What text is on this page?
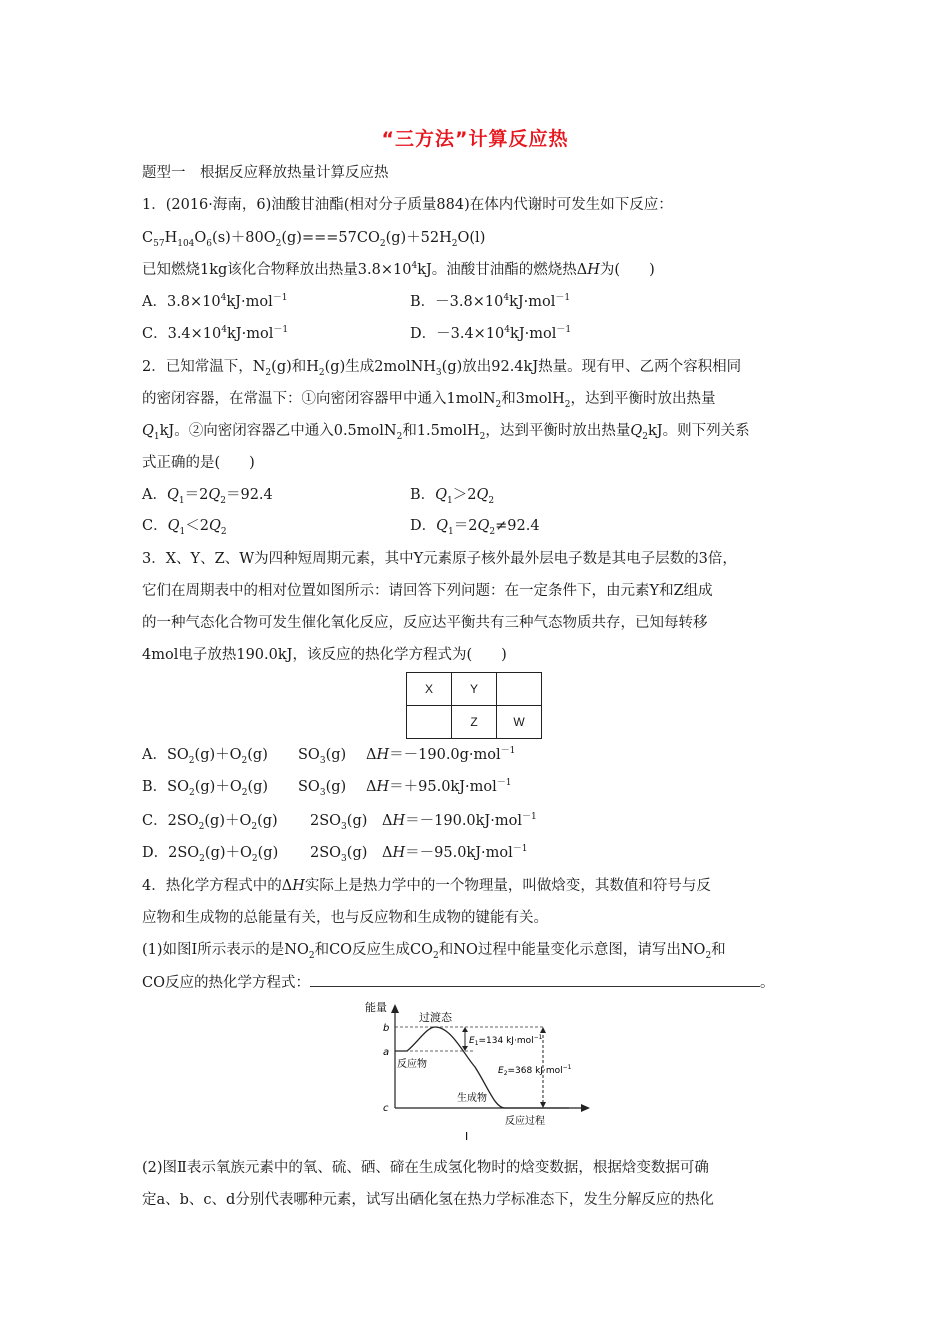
“三方法”计算反应热
题型一　根据反应释放热量计算反应热
1．(2016·海南，6)油酸甘油酯(相对分子质量884)在体内代谢时可发生如下反应：
$C_{57}H_{104}O_6(s)+80O_2(g)===57CO_2(g)+52H_2O(l)$
已知燃烧1kg该化合物释放出热量$3.8\times 10^4kJ$。油酸甘油酯的燃烧热ΔH为(　　)
A．$3.8\times 10^4kJ\cdot mol^{-1}$	B．$-3.8\times 10^4kJ\cdot mol^{-1}$
C．$3.4\times 10^4kJ\cdot mol^{-1}$	D．$-3.4\times 10^4kJ\cdot mol^{-1}$
2．已知常温下，$N_2(g)$和$H_2(g)$生成2molNH$_3$(g)放出92.4kJ热量。现有甲、乙两个容积相同
的密闭容器，在常温下：①向密闭容器甲中通入1molN$_2$和3molH$_2$，达到平衡时放出热量
$Q_1kJ$。②向密闭容器乙中通入0.5molN$_2$和1.5molH$_2$，达到平衡时放出热量$Q_2kJ$。则下列关系
式正确的是(　　)
A．$Q_1=2Q_2=92.4$	B．$Q_1>2Q_2$
C．$Q_1<2Q_2$	D．$Q_1=2Q_2\ne 92.4$
3．X、Y、Z、W为四种短周期元素，其中Y元素原子核外最外层电子数是其电子层数的3倍，
它们在周期表中的相对位置如图所示：请回答下列问题：在一定条件下，由元素Y和Z组成
的一种气态化合物可发生催化氧化反应，反应达平衡共有三种气态物质共存，已知每转移
4mol电子放热190.0kJ，该反应的热化学方程式为(　　)
X	Y	
	Z	W
A．$SO_2(g)+O_2(g)$ $SO_3(g)$ ΔH＝－190.0g·mol$^{-1}$
B．$SO_2(g)+O_2(g)$ $SO_3(g)$ ΔH＝＋95.0kJ·mol$^{-1}$
C．$2SO_2(g)+O_2(g)$ $2SO_3(g)$ ΔH＝－190.0kJ·mol$^{-1}$
D．$2SO_2(g)+O_2(g)$ $2SO_3(g)$ ΔH＝－95.0kJ·mol$^{-1}$
4．热化学方程式中的ΔH实际上是热力学中的一个物理量，叫做焓变，其数值和符号与反
应物和生成物的总能量有关，也与反应物和生成物的键能有关。
(1)如图Ⅰ所示表示的是$NO_2$和CO反应生成$CO_2$和NO过程中能量变化示意图，请写出$NO_2$和
CO反应的热化学方程式：	。
能量
b
a
c
过渡态
反应物
生成物
反应过程
$E_1=134$ kJ·mol$^{-1}$
$E_2=368$ kJ·mol$^{-1}$
Ⅰ
(2)图Ⅱ表示氧族元素中的氧、硫、硒、碲在生成氢化物时的焓变数据，根据焓变数据可确
定a、b、c、d分别代表哪种元素，试写出硒化氢在热力学标准态下，发生分解反应的热化
